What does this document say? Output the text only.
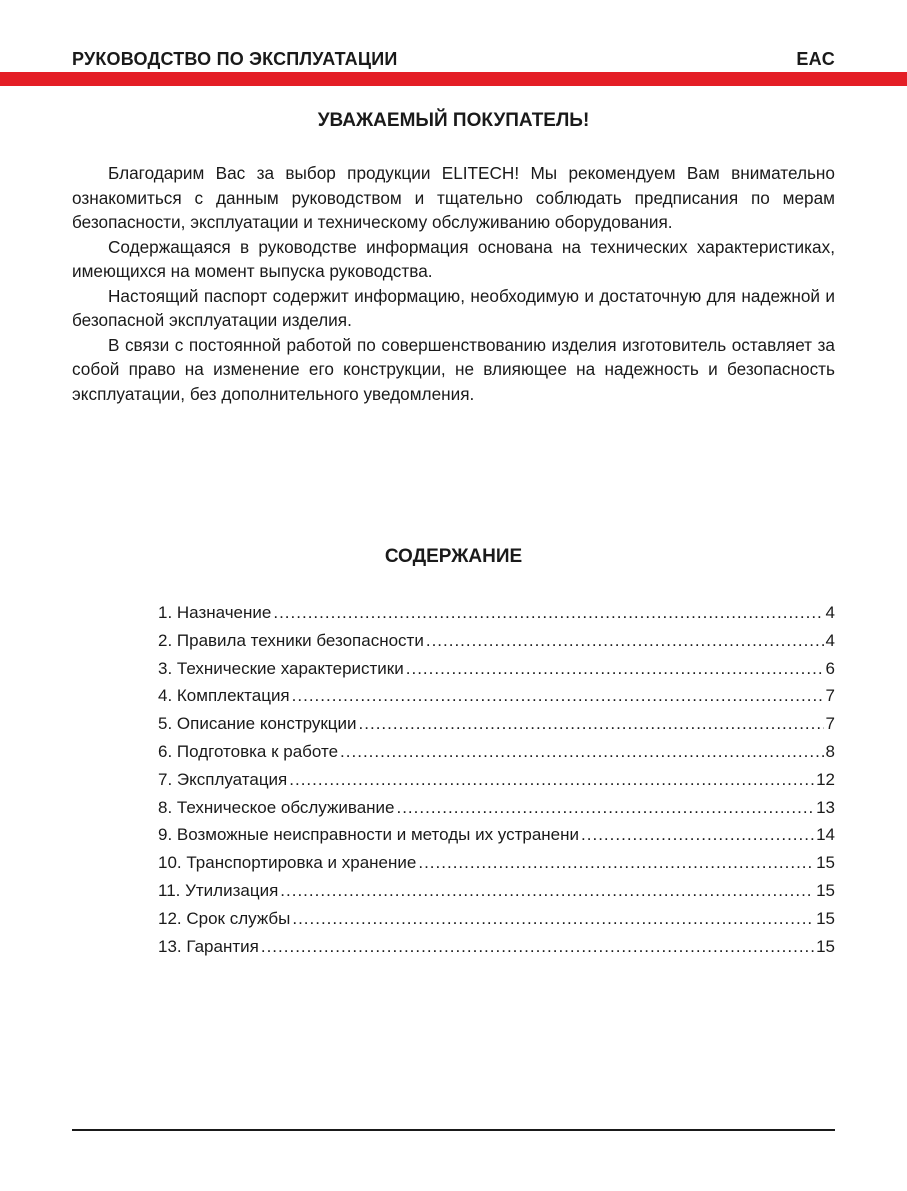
РУКОВОДСТВО ПО ЭКСПЛУАТАЦИИ	EAC
УВАЖАЕМЫЙ ПОКУПАТЕЛЬ!

Благодарим Вас за выбор продукции ELITECH! Мы рекомендуем Вам внимательно ознакомиться с данным руководством и тщательно соблюдать предписания по мерам безопасности, эксплуатации и техническому обслуживанию оборудования.

Содержащаяся в руководстве информация основана на технических характеристиках, имеющихся на момент выпуска руководства.

Настоящий паспорт содержит информацию, необходимую и достаточную для надежной и безопасной эксплуатации изделия.

В связи с постоянной работой по совершенствованию изделия изготовитель оставляет за собой право на изменение его конструкции, не влияющее на надежность и безопасность эксплуатации, без дополнительного уведомления.

СОДЕРЖАНИЕ
1. Назначение .....	4
2. Правила техники безопасности .....	4
3. Технические характеристики .....	6
4. Комплектация .....	7
5. Описание конструкции .....	7
6. Подготовка к работе .....	8
7. Эксплуатация .....	12
8. Техническое обслуживание .....	13
9. Возможные неисправности и методы их устранени .....	14
10. Транспортировка и хранение .....	15
11. Утилизация .....	15
12. Срок службы .....	15
13. Гарантия .....	15
